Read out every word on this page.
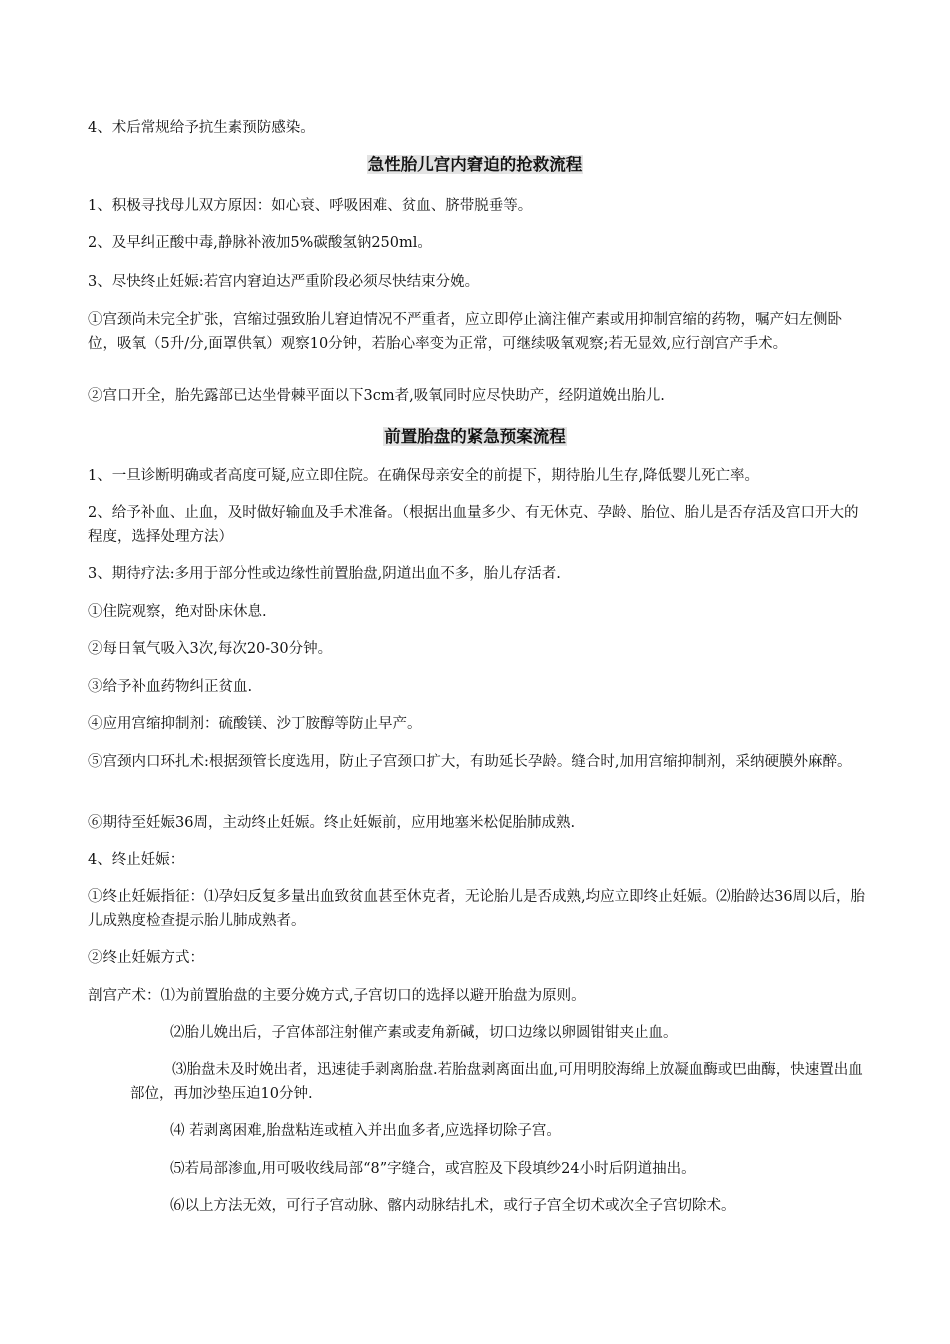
4、术后常规给予抗生素预防感染。

急性胎儿宫内窘迫的抢救流程

1、积极寻找母儿双方原因：如心衰、呼吸困难、贫血、脐带脱垂等。

2、及早纠正酸中毒,静脉补液加5%碳酸氢钠250ml。

3、尽快终止妊娠:若宫内窘迫达严重阶段必须尽快结束分娩。

①宫颈尚未完全扩张，宫缩过强致胎儿窘迫情况不严重者，应立即停止滴注催产素或用抑制宫缩的药物，嘱产妇左侧卧位，吸氧（5升/分,面罩供氧）观察10分钟，若胎心率变为正常，可继续吸氧观察;若无显效,应行剖宫产手术。

②宫口开全，胎先露部已达坐骨棘平面以下3cm者,吸氧同时应尽快助产，经阴道娩出胎儿.

前置胎盘的紧急预案流程

1、一旦诊断明确或者高度可疑,应立即住院。在确保母亲安全的前提下，期待胎儿生存,降低婴儿死亡率。

2、给予补血、止血，及时做好输血及手术准备。（根据出血量多少、有无休克、孕龄、胎位、胎儿是否存活及宫口开大的程度，选择处理方法）

3、期待疗法:多用于部分性或边缘性前置胎盘,阴道出血不多，胎儿存活者.

①住院观察，绝对卧床休息.

②每日氧气吸入3次,每次20-30分钟。

③给予补血药物纠正贫血.

④应用宫缩抑制剂：硫酸镁、沙丁胺醇等防止早产。

⑤宫颈内口环扎术:根据颈管长度选用，防止子宫颈口扩大，有助延长孕龄。缝合时,加用宫缩抑制剂，采纳硬膜外麻醉。

⑥期待至妊娠36周，主动终止妊娠。终止妊娠前，应用地塞米松促胎肺成熟.

4、终止妊娠：

①终止妊娠指征：⑴孕妇反复多量出血致贫血甚至休克者，无论胎儿是否成熟,均应立即终止妊娠。⑵胎龄达36周以后，胎儿成熟度检查提示胎儿肺成熟者。

②终止妊娠方式：

剖宫产术：⑴为前置胎盘的主要分娩方式,子宫切口的选择以避开胎盘为原则。

⑵胎儿娩出后，子宫体部注射催产素或麦角新碱，切口边缘以卵圆钳钳夹止血。

⑶胎盘未及时娩出者，迅速徒手剥离胎盘.若胎盘剥离面出血,可用明胶海绵上放凝血酶或巴曲酶，快速置出血部位，再加沙垫压迫10分钟.

⑷ 若剥离困难,胎盘粘连或植入并出血多者,应选择切除子宫。

⑸若局部渗血,用可吸收线局部“8”字缝合，或宫腔及下段填纱24小时后阴道抽出。

⑹以上方法无效，可行子宫动脉、髂内动脉结扎术，或行子宫全切术或次全子宫切除术。
